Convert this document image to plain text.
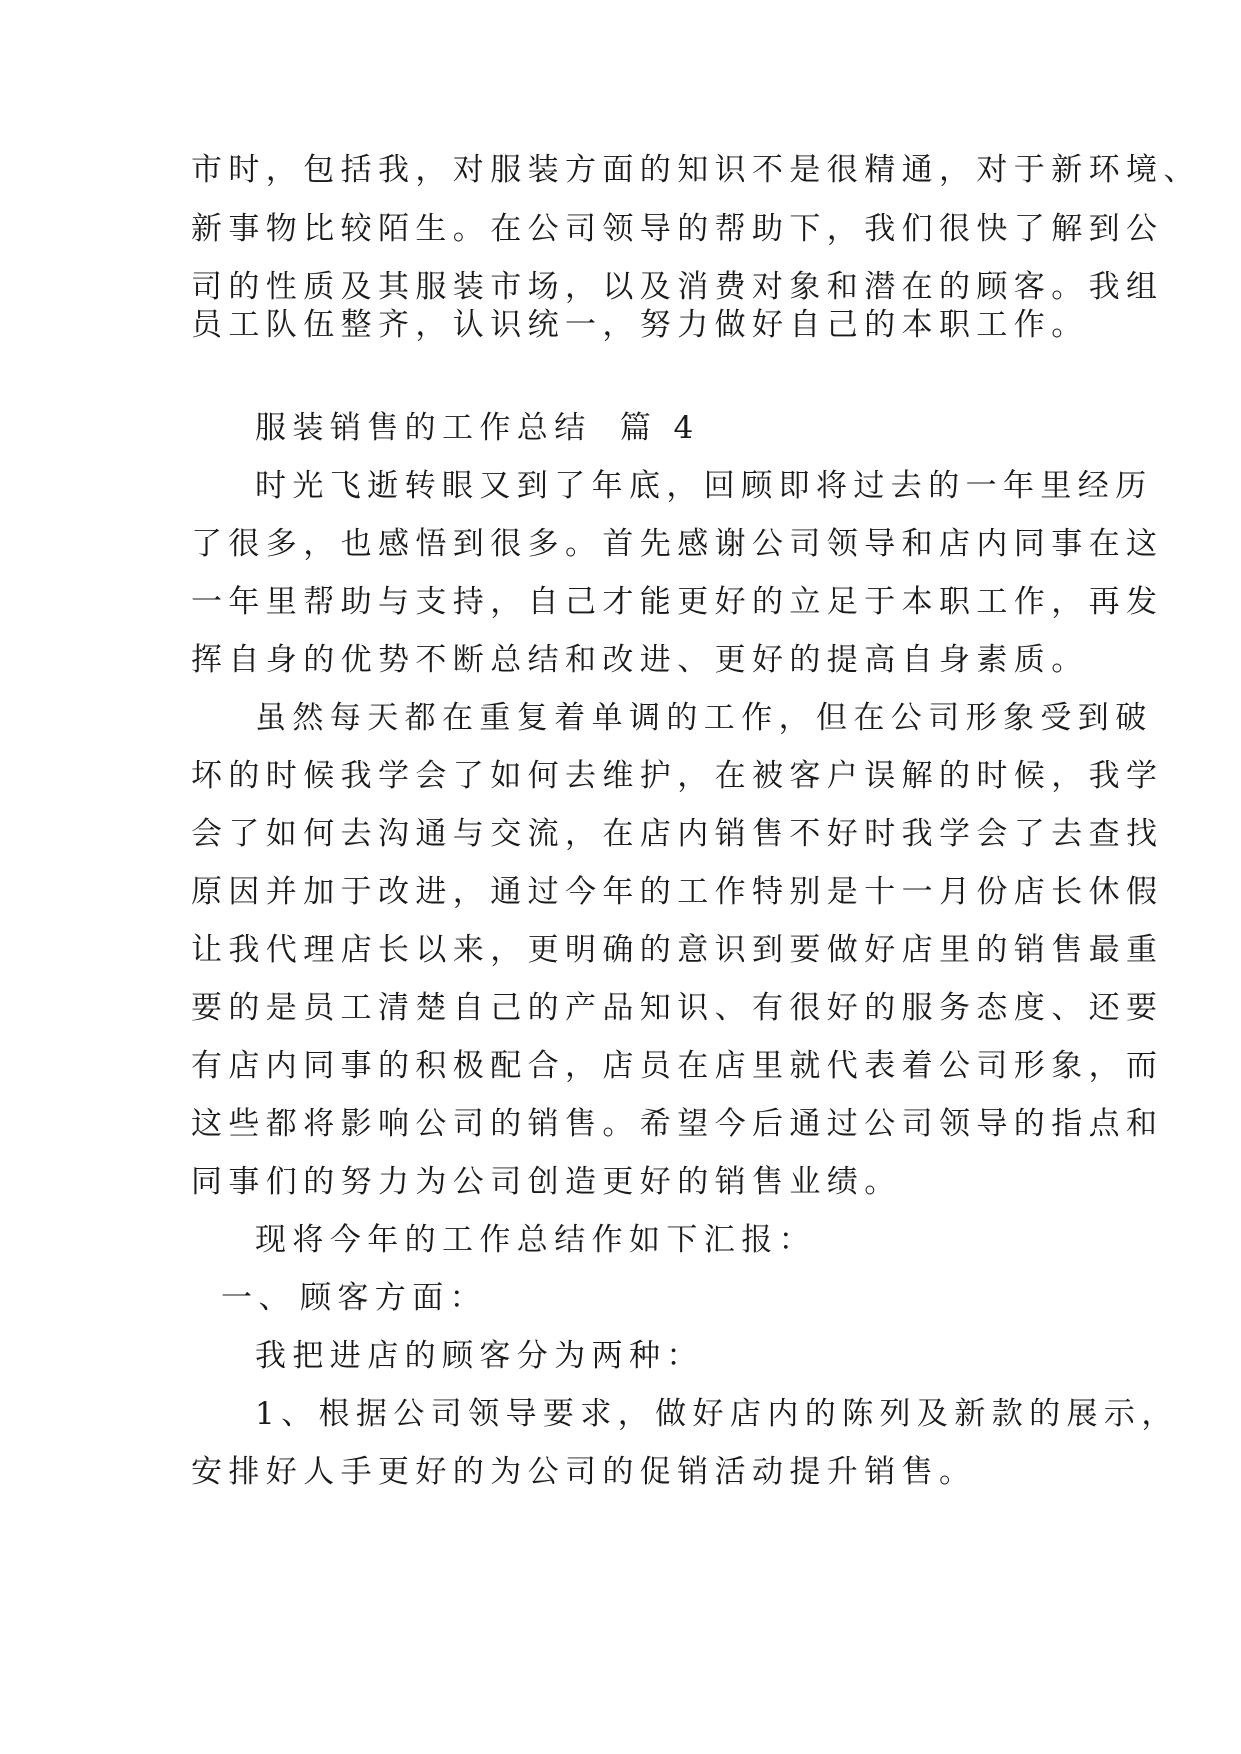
市时，包括我，对服装方面的知识不是很精通，对于新环境、
新事物比较陌生。在公司领导的帮助下，我们很快了解到公
司的性质及其服装市场，以及消费对象和潜在的顾客。我组
员工队伍整齐，认识统一，努力做好自己的本职工作。
服装销售的工作总结 篇 4
时光飞逝转眼又到了年底，回顾即将过去的一年里经历
了很多，也感悟到很多。首先感谢公司领导和店内同事在这
一年里帮助与支持，自己才能更好的立足于本职工作，再发
挥自身的优势不断总结和改进、更好的提高自身素质。
虽然每天都在重复着单调的工作，但在公司形象受到破
坏的时候我学会了如何去维护，在被客户误解的时候，我学
会了如何去沟通与交流，在店内销售不好时我学会了去查找
原因并加于改进，通过今年的工作特别是十一月份店长休假
让我代理店长以来，更明确的意识到要做好店里的销售最重
要的是员工清楚自己的产品知识、有很好的服务态度、还要
有店内同事的积极配合，店员在店里就代表着公司形象，而
这些都将影响公司的销售。希望今后通过公司领导的指点和
同事们的努力为公司创造更好的销售业绩。
现将今年的工作总结作如下汇报：
一、 顾客方面：
我把进店的顾客分为两种：
1、根据公司领导要求，做好店内的陈列及新款的展示，
安排好人手更好的为公司的促销活动提升销售。
